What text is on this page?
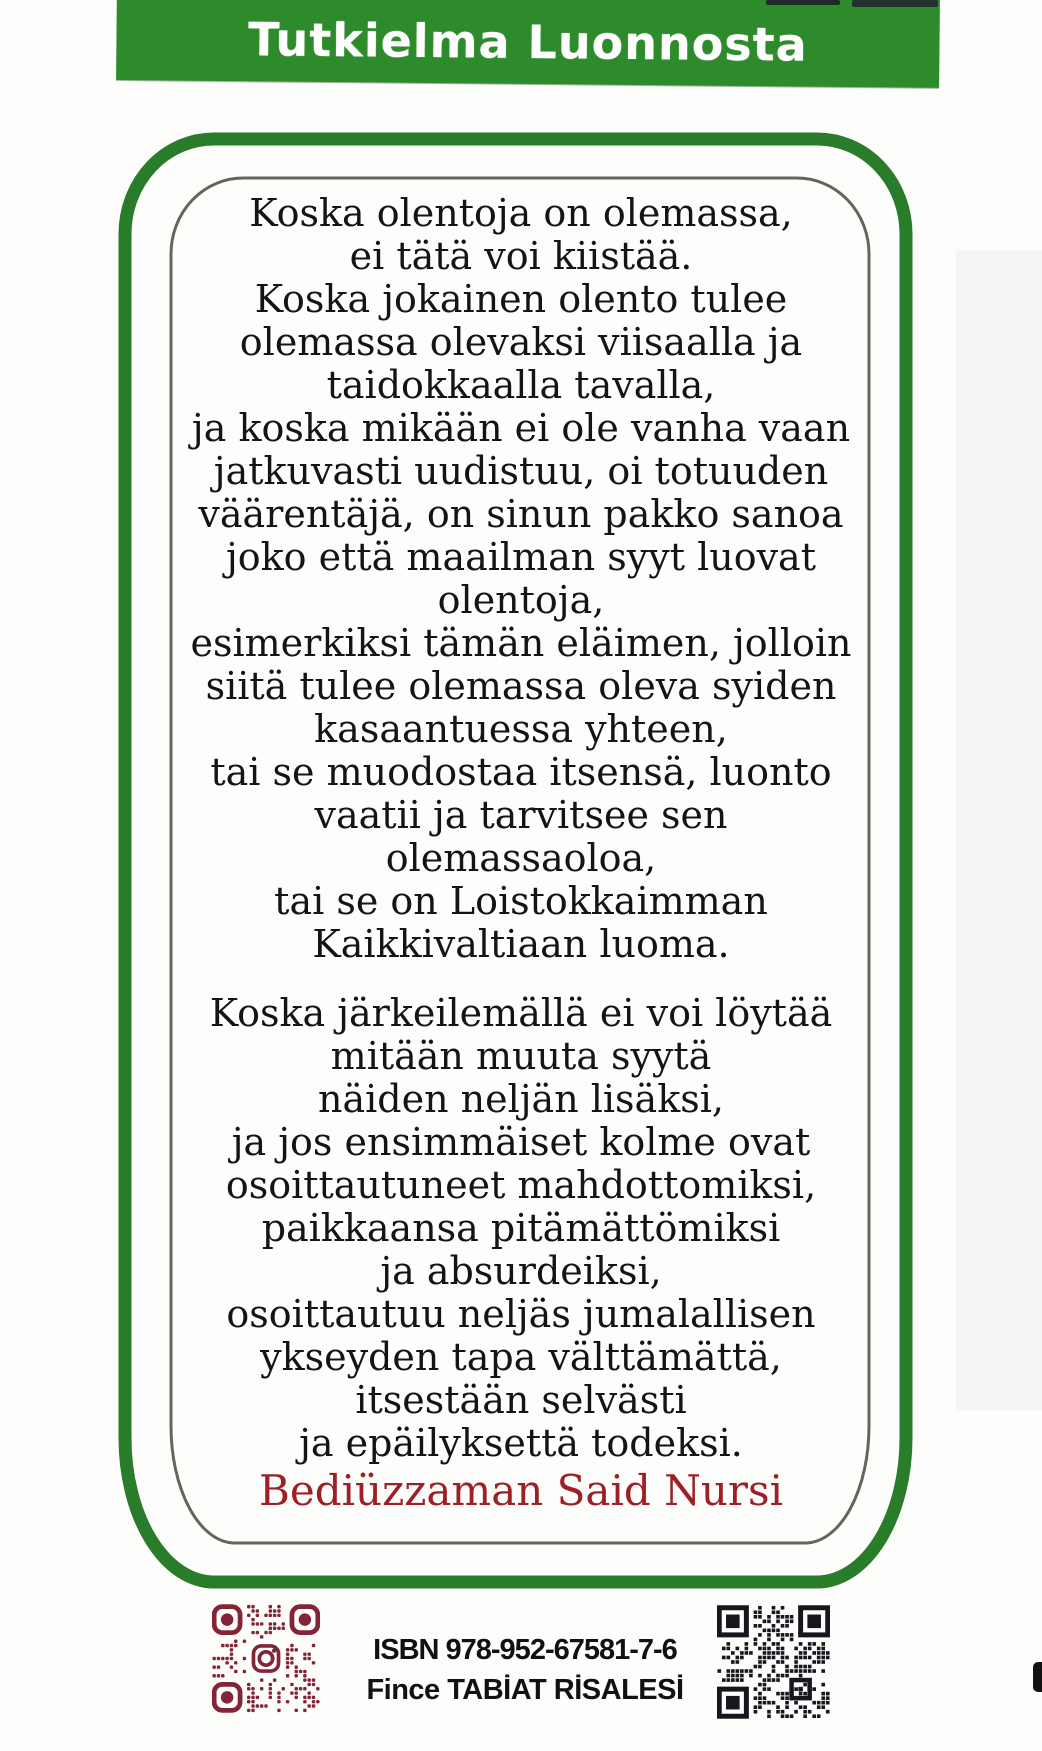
Tutkielma Luonnosta
Koska olentoja on olemassa,
ei tätä voi kiistää.
Koska jokainen olento tulee
olemassa olevaksi viisaalla ja
taidokkaalla tavalla,
ja koska mikään ei ole vanha vaan
jatkuvasti uudistuu, oi totuuden
väärentäjä, on sinun pakko sanoa
joko että maailman syyt luovat
olentoja,
esimerkiksi tämän eläimen, jolloin
siitä tulee olemassa oleva syiden
kasaantuessa yhteen,
tai se muodostaa itsensä, luonto
vaatii ja tarvitsee sen
olemassaoloa,
tai se on Loistokkaimman
Kaikkivaltiaan luoma.
Koska järkeilemällä ei voi löytää
mitään muuta syytä
näiden neljän lisäksi,
ja jos ensimmäiset kolme ovat
osoittautuneet mahdottomiksi,
paikkaansa pitämättömiksi
ja absurdeiksi,
osoittautuu neljäs jumalallisen
ykseyden tapa välttämättä,
itsestään selvästi
ja epäilyksettä todeksi.
Bediüzzaman Said Nursi
ISBN 978-952-67581-7-6
Fince TABİAT RİSALESİ
